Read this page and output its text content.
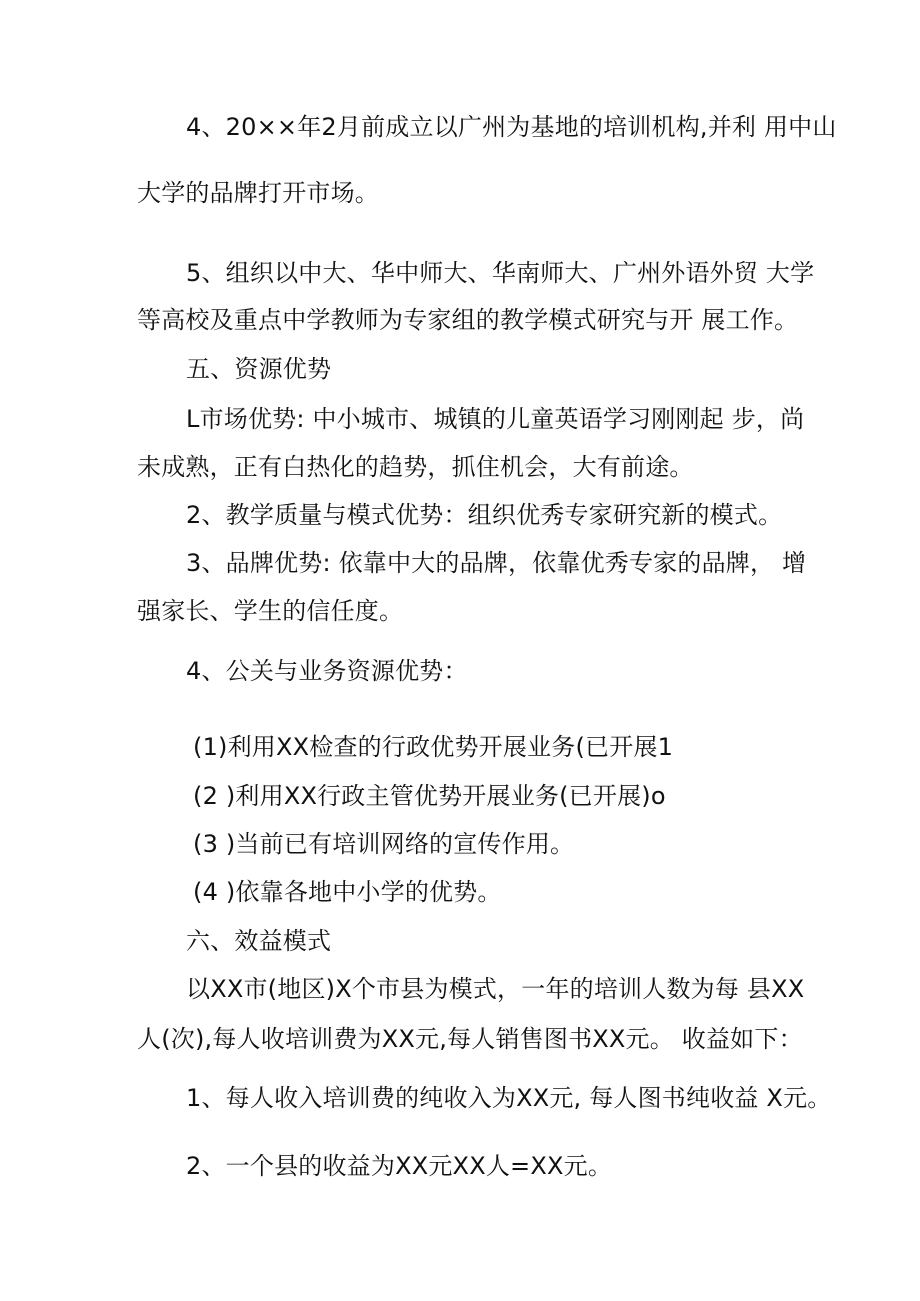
4、20××年2月前成立以广州为基地的培训机构,并利 用中山
大学的品牌打开市场。
5、组织以中大、华中师大、华南师大、广州外语外贸 大学
等高校及重点中学教师为专家组的教学模式研究与开 展工作。
五、资源优势
L市场优势: 中小城市、城镇的儿童英语学习刚刚起 步，尚
未成熟，正有白热化的趋势，抓住机会，大有前途。
2、教学质量与模式优势：组织优秀专家研究新的模式。
3、品牌优势: 依靠中大的品牌，依靠优秀专家的品牌， 增
强家长、学生的信任度。
4、公关与业务资源优势：
(1)利用XX检查的行政优势开展业务(已开展1
(2 )利用XX行政主管优势开展业务(已开展)o
(3 )当前已有培训网络的宣传作用。
(4 )依靠各地中小学的优势。
六、效益模式
以XX市(地区)X个市县为模式，一年的培训人数为每 县XX
人(次),每人收培训费为XX元,每人销售图书XX元。 收益如下：
1、每人收入培训费的纯收入为XX元, 每人图书纯收益 X元。
2、一个县的收益为XX元XX人=XX元。
